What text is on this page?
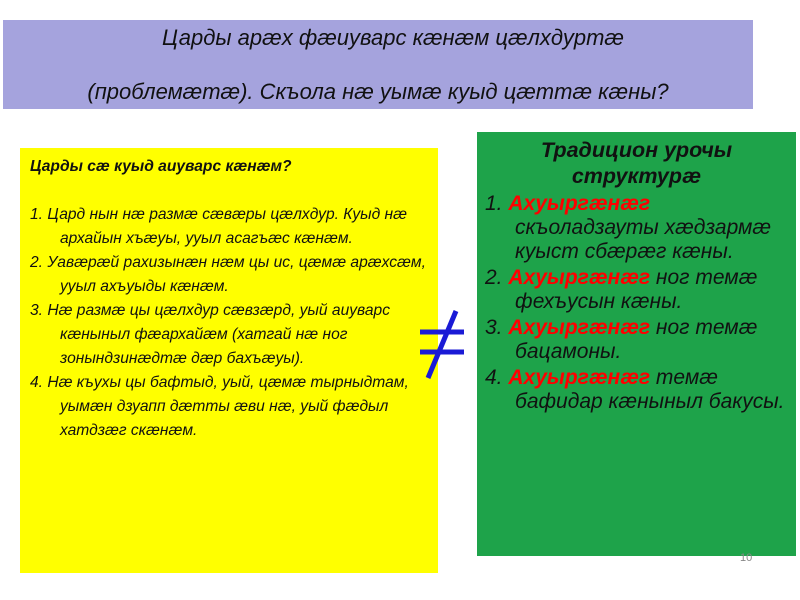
Царды арæх фæиуварс кæнæм цæлхдуртæ
(проблемæтæ). Скъола нæ уымæ куыд цæттæ кæны?
Царды сæ куыд аиуварс кæнæм?
1. Цард нын нæ размæ сæвæры цæлхдур. Куыд нæ архайын хъæуы, ууыл асагъæс кæнæм.
2. Уавæрæй рахизынæн нæм цы ис, цæмæ арæхсæм, ууыл ахъуыды кæнæм.
3. Нæ размæ цы цæлхдур сæвзæрд, уый аиуварс кæныныл фæархайæм (хатгай нæ ног зонындзинæдтæ дæр бахъæуы).
4. Нæ къухы цы бафтыд, уый, цæмæ тырныдтам, уымæн дзуапп дæтты æви нæ, уый фæдыл хатдзæг скæнæм.
Традицион урочы структурæ
1. Ахуыргæнæг скъоладзауты хæдзармæ куыст сбæрæг кæны.
2. Ахуыргæнæг ног темæ фехъусын кæны.
3. Ахуыргæнæг ног темæ бацамоны.
4. Ахуыргæнæг темæ бафидар кæныныл бакусы.
10
